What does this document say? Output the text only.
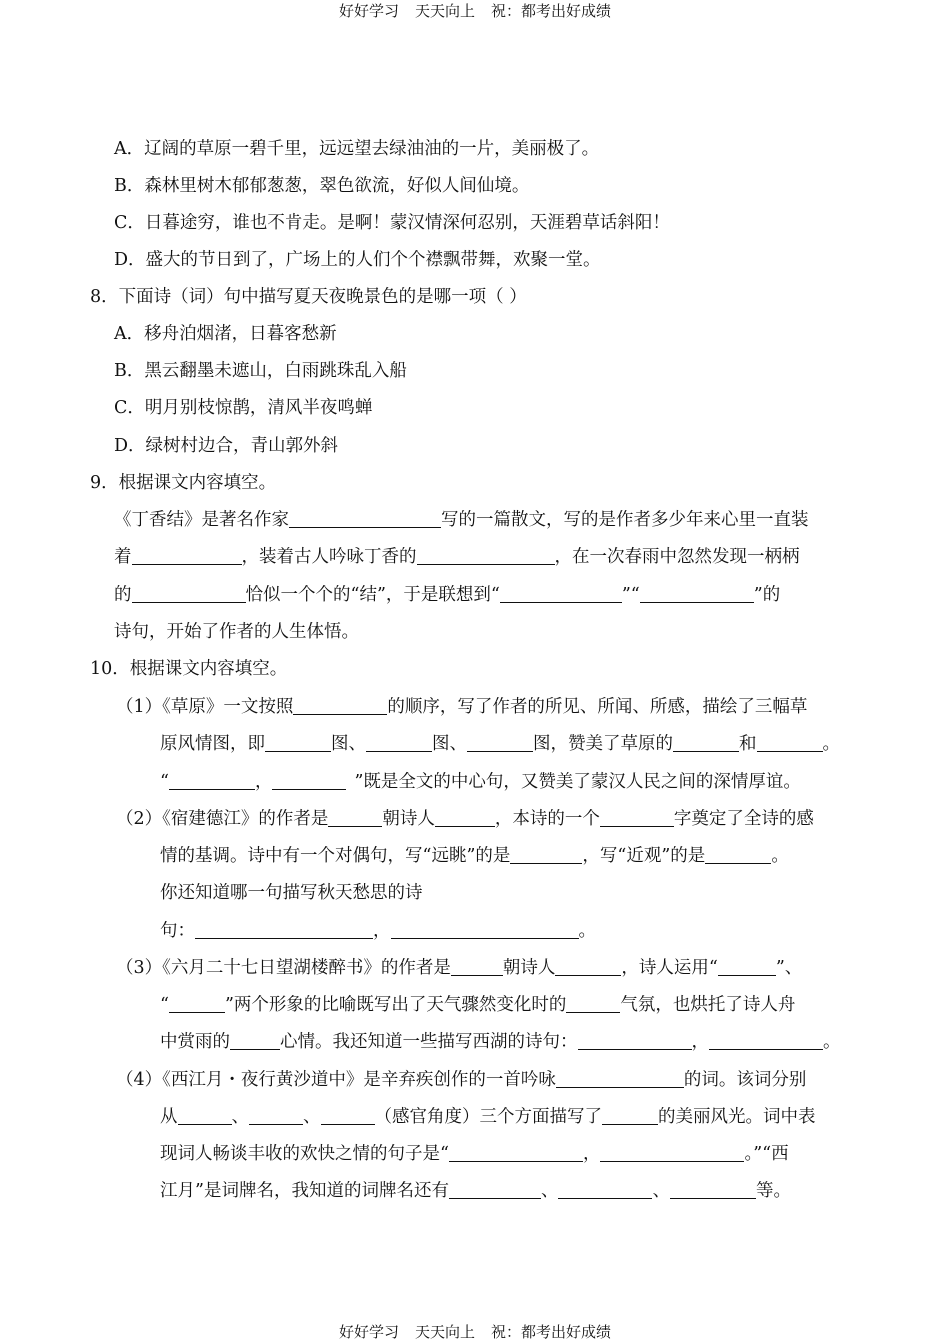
好好学习 天天向上 祝：都考出好成绩
A．辽阔的草原一碧千里，远远望去绿油油的一片，美丽极了。
B．森林里树木郁郁葱葱，翠色欲流，好似人间仙境。
C．日暮途穷，谁也不肯走。是啊！蒙汉情深何忍别，天涯碧草话斜阳！
D．盛大的节日到了，广场上的人们个个襟飘带舞，欢聚一堂。
8．下面诗（词）句中描写夏天夜晚景色的是哪一项（ ）
A．移舟泊烟渚，日暮客愁新
B．黑云翻墨未遮山，白雨跳珠乱入船
C．明月别枝惊鹊，清风半夜鸣蝉
D．绿树村边合，青山郭外斜
9．根据课文内容填空。
《丁香结》是著名作家	写的一篇散文，写的是作者多少年来心里一直装
着	，装着古人吟咏丁香的	，在一次春雨中忽然发现一柄柄
的	恰似一个个的“结”，于是联想到“	”“	”的
诗句，开始了作者的人生体悟。
10．根据课文内容填空。
（1）《草原》一文按照	的顺序，写了作者的所见、所闻、所感，描绘了三幅草
原风情图，即	图、	图、	图，赞美了草原的	和	。
“	，	”既是全文的中心句，又赞美了蒙汉人民之间的深情厚谊。
（2）《宿建德江》的作者是	朝诗人	，本诗的一个	字奠定了全诗的感
情的基调。诗中有一个对偶句，写“远眺”的是	，写“近观”的是	。
你还知道哪一句描写秋天愁思的诗
句：	，	。
（3）《六月二十七日望湖楼醉书》的作者是	朝诗人	，诗人运用“	”、
“	”两个形象的比喻既写出了天气骤然变化时的	气氛，也烘托了诗人舟
中赏雨的	心情。我还知道一些描写西湖的诗句：	，	。
（4）《西江月・夜行黄沙道中》是辛弃疾创作的一首吟咏	的词。该词分别
从	、	、	（感官角度）三个方面描写了	的美丽风光。词中表
现词人畅谈丰收的欢快之情的句子是“	，	。”“西
江月”是词牌名，我知道的词牌名还有	、	、	等。
好好学习 天天向上 祝：都考出好成绩
